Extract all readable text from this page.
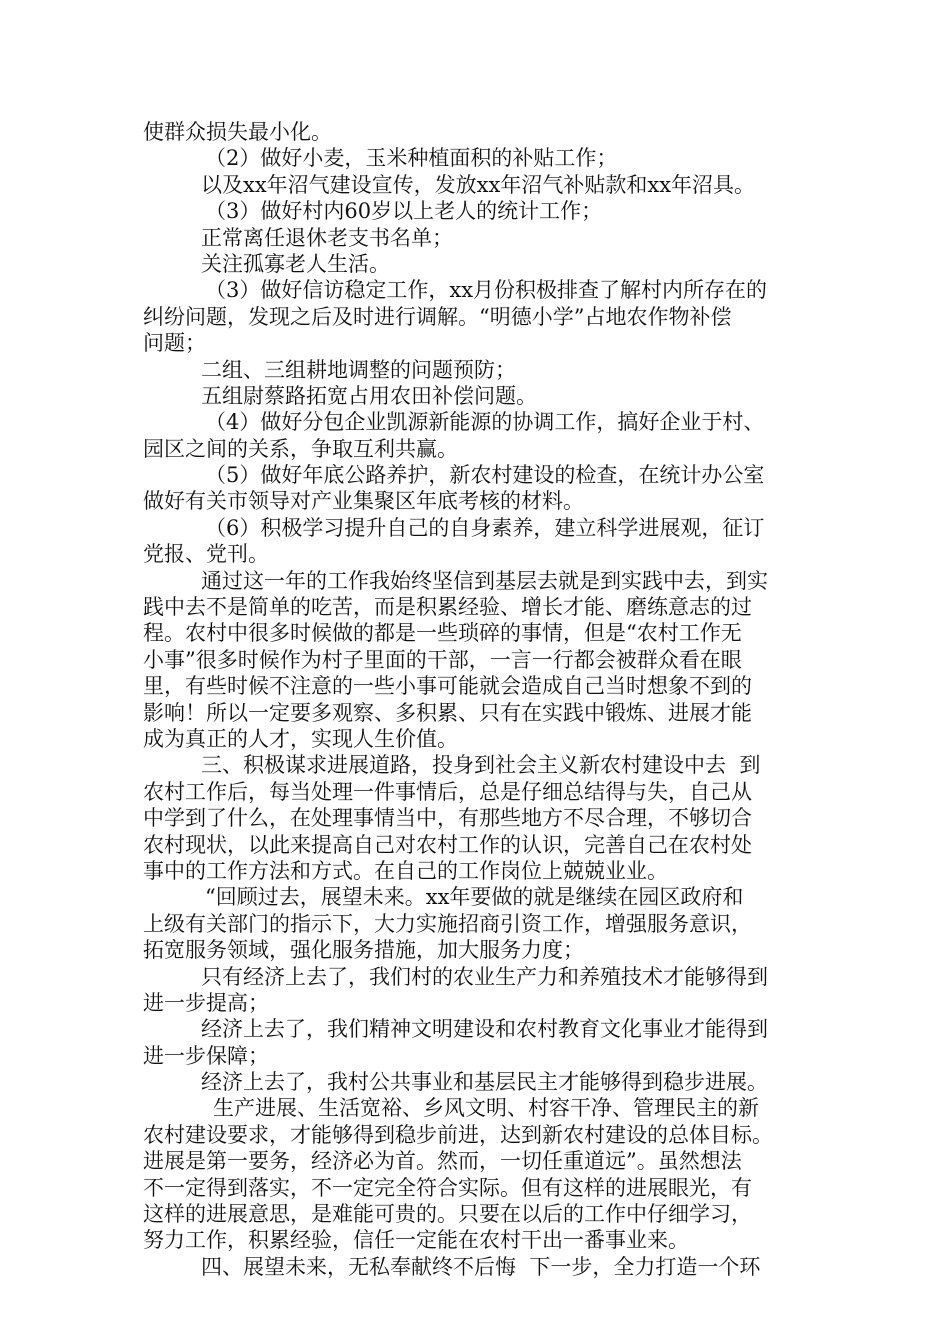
使群众损失最小化。
（2）做好小麦，玉米种植面积的补贴工作；
以及xx年沼气建设宣传，发放xx年沼气补贴款和xx年沼具。
（3）做好村内60岁以上老人的统计工作；
正常离任退休老支书名单；
关注孤寡老人生活。
（3）做好信访稳定工作，xx月份积极排查了解村内所存在的
纠纷问题，发现之后及时进行调解。“明德小学”占地农作物补偿
问题；
二组、三组耕地调整的问题预防；
五组尉蔡路拓宽占用农田补偿问题。
（4）做好分包企业凯源新能源的协调工作，搞好企业于村、
园区之间的关系，争取互利共赢。
（5）做好年底公路养护，新农村建设的检查，在统计办公室
做好有关市领导对产业集聚区年底考核的材料。
（6）积极学习提升自己的自身素养，建立科学进展观，征订
党报、党刊。
通过这一年的工作我始终坚信到基层去就是到实践中去，到实
践中去不是简单的吃苦，而是积累经验、增长才能、磨练意志的过
程。农村中很多时候做的都是一些琐碎的事情，但是“农村工作无
小事”很多时候作为村子里面的干部，一言一行都会被群众看在眼
里，有些时候不注意的一些小事可能就会造成自己当时想象不到的
影响！所以一定要多观察、多积累、只有在实践中锻炼、进展才能
成为真正的人才，实现人生价值。
三、积极谋求进展道路，投身到社会主义新农村建设中去  到
农村工作后，每当处理一件事情后，总是仔细总结得与失，自己从
中学到了什么，在处理事情当中，有那些地方不尽合理，不够切合
农村现状，以此来提高自己对农村工作的认识，完善自己在农村处
事中的工作方法和方式。在自己的工作岗位上兢兢业业。
“回顾过去，展望未来。xx年要做的就是继续在园区政府和
上级有关部门的指示下，大力实施招商引资工作，增强服务意识，
拓宽服务领域，强化服务措施，加大服务力度；
只有经济上去了，我们村的农业生产力和养殖技术才能够得到
进一步提高；
经济上去了，我们精神文明建设和农村教育文化事业才能得到
进一步保障；
经济上去了，我村公共事业和基层民主才能够得到稳步进展。
生产进展、生活宽裕、乡风文明、村容干净、管理民主的新
农村建设要求，才能够得到稳步前进，达到新农村建设的总体目标。
进展是第一要务，经济必为首。然而，一切任重道远”。虽然想法
不一定得到落实，不一定完全符合实际。但有这样的进展眼光，有
这样的进展意思，是难能可贵的。只要在以后的工作中仔细学习，
努力工作，积累经验，信任一定能在农村干出一番事业来。
四、展望未来，无私奉献终不后悔  下一步，全力打造一个环
